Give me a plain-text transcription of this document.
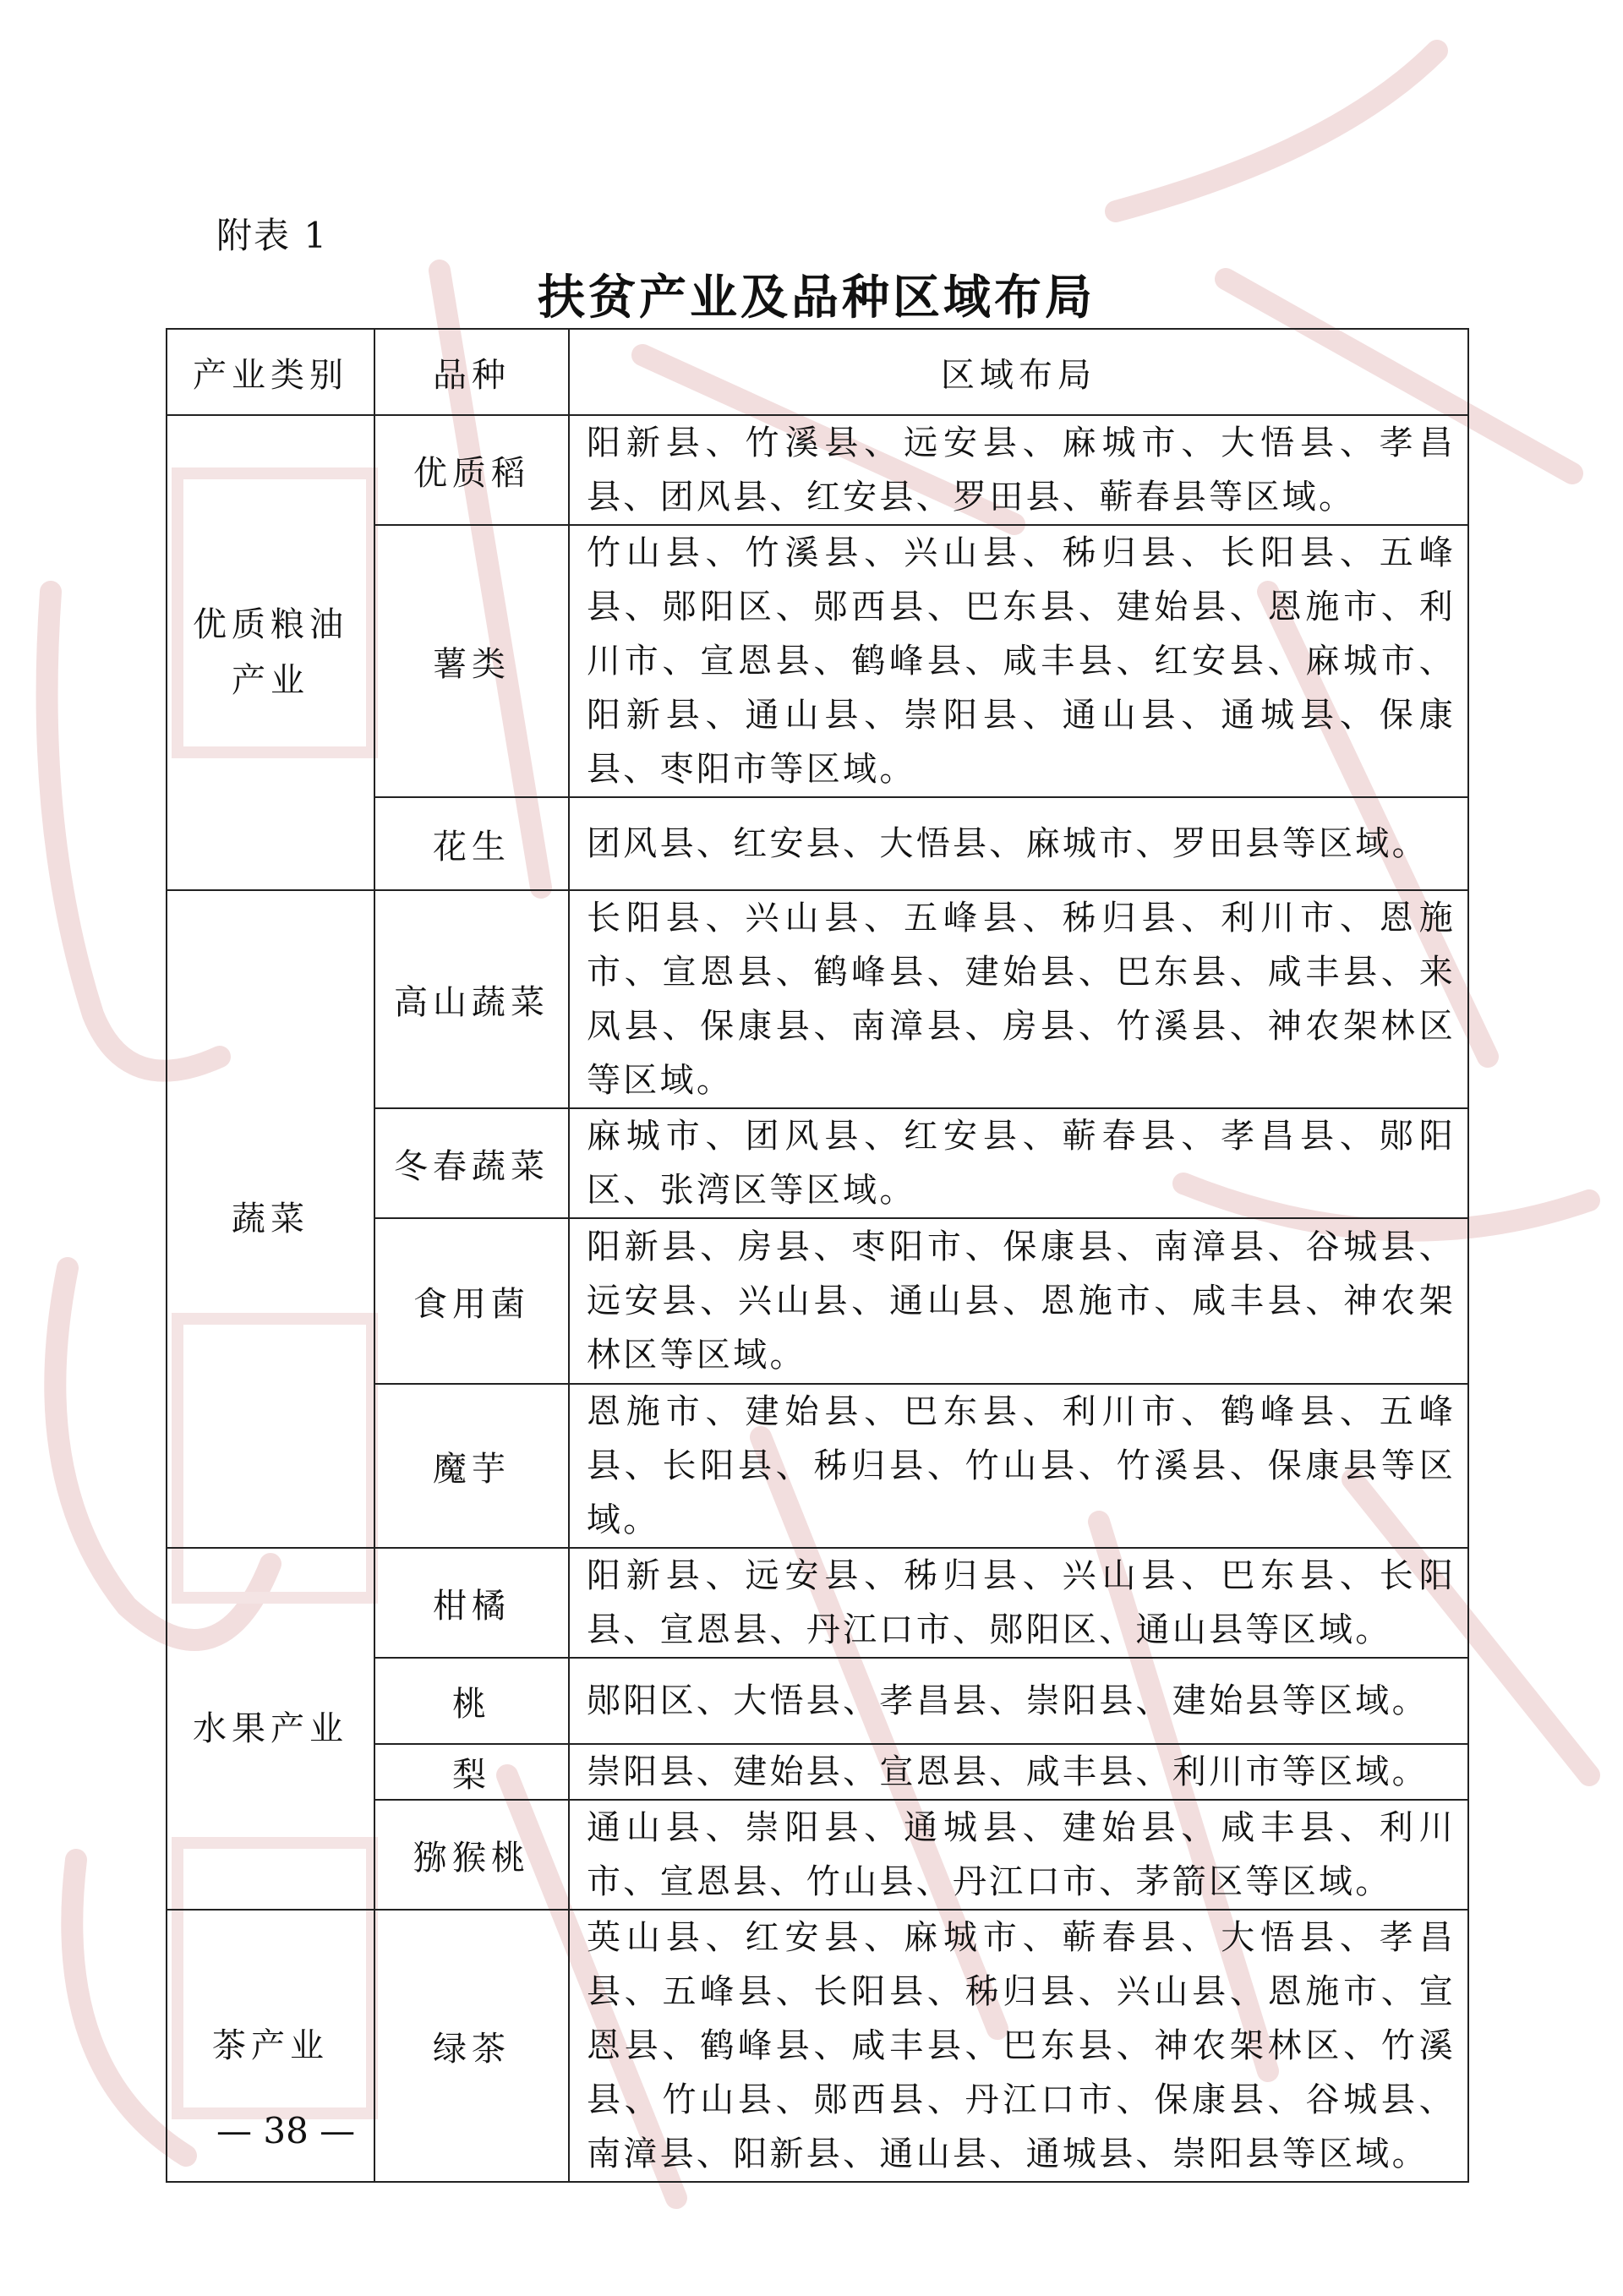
附表 1
扶贫产业及品种区域布局
产业类别	品种	区域布局
优质粮油
产业	优质稻	阳新县、竹溪县、远安县、麻城市、大悟县、孝昌县、团风县、红安县、罗田县、蕲春县等区域。
	薯类	竹山县、竹溪县、兴山县、秭归县、长阳县、五峰县、郧阳区、郧西县、巴东县、建始县、恩施市、利川市、宣恩县、鹤峰县、咸丰县、红安县、麻城市、阳新县、通山县、崇阳县、通山县、通城县、保康县、枣阳市等区域。
	花生	团风县、红安县、大悟县、麻城市、罗田县等区域。
蔬菜	高山蔬菜	长阳县、兴山县、五峰县、秭归县、利川市、恩施市、宣恩县、鹤峰县、建始县、巴东县、咸丰县、来凤县、保康县、南漳县、房县、竹溪县、神农架林区等区域。
	冬春蔬菜	麻城市、团风县、红安县、蕲春县、孝昌县、郧阳区、张湾区等区域。
	食用菌	阳新县、房县、枣阳市、保康县、南漳县、谷城县、远安县、兴山县、通山县、恩施市、咸丰县、神农架林区等区域。
	魔芋	恩施市、建始县、巴东县、利川市、鹤峰县、五峰县、长阳县、秭归县、竹山县、竹溪县、保康县等区域。
水果产业	柑橘	阳新县、远安县、秭归县、兴山县、巴东县、长阳县、宣恩县、丹江口市、郧阳区、通山县等区域。
	桃	郧阳区、大悟县、孝昌县、崇阳县、建始县等区域。
	梨	崇阳县、建始县、宣恩县、咸丰县、利川市等区域。
	猕猴桃	通山县、崇阳县、通城县、建始县、咸丰县、利川市、宣恩县、竹山县、丹江口市、茅箭区等区域。
茶产业	绿茶	英山县、红安县、麻城市、蕲春县、大悟县、孝昌县、五峰县、长阳县、秭归县、兴山县、恩施市、宣恩县、鹤峰县、咸丰县、巴东县、神农架林区、竹溪县、竹山县、郧西县、丹江口市、保康县、谷城县、南漳县、阳新县、通山县、通城县、崇阳县等区域。
— 38 —
